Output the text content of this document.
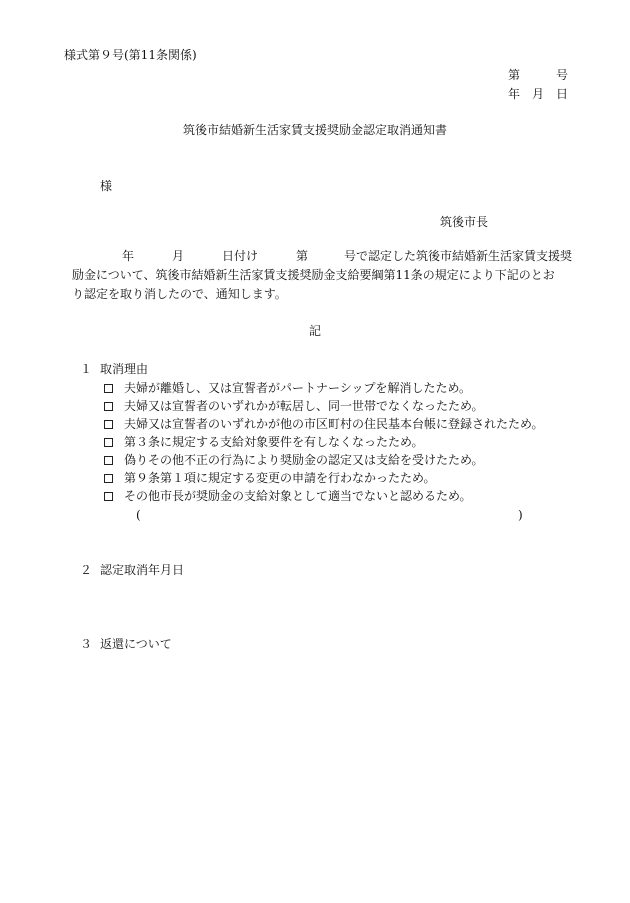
様式第９号(第11条関係)
第	号
年 月 日
筑後市結婚新生活家賃支援奨励金認定取消通知書
様
筑後市長
年	月	日付け	第	号で認定した筑後市結婚新生活家賃支援奨
励金について、筑後市結婚新生活家賃支援奨励金支給要綱第11条の規定により下記のとお
り認定を取り消したので、通知します。
記
１ 取消理由
夫婦が離婚し、又は宣誓者がパートナーシップを解消したため。
夫婦又は宣誓者のいずれかが転居し、同一世帯でなくなったため。
夫婦又は宣誓者のいずれかが他の市区町村の住民基本台帳に登録されたため。
第３条に規定する支給対象要件を有しなくなったため。
偽りその他不正の行為により奨励金の認定又は支給を受けたため。
第９条第１項に規定する変更の申請を行わなかったため。
その他市長が奨励金の支給対象として適当でないと認めるため。
(	)
２ 認定取消年月日
３ 返還について
